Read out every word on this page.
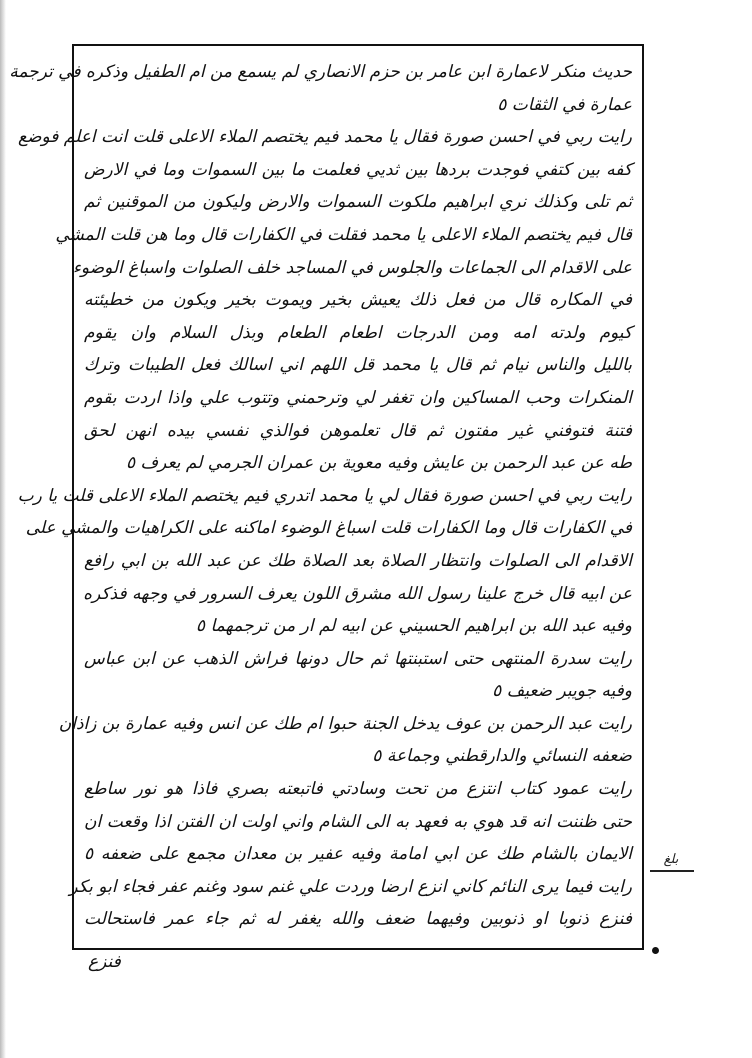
حديث منكر لاعمارة ابن عامر بن حزم الانصاري لم يسمع من ام الطفيل وذكره في ترجمة
عمارة في الثقات ٥
رايت ربي في احسن صورة فقال يا محمد فيم يختصم الملاء الاعلى قلت انت اعلم فوضع
كفه بين كتفي فوجدت بردها بين ثديي فعلمت ما بين السموات وما في الارض
ثم تلى وكذلك نري ابراهيم ملكوت السموات والارض وليكون من الموقنين ثم
قال فيم يختصم الملاء الاعلى يا محمد فقلت في الكفارات قال وما هن قلت المشي
على الاقدام الى الجماعات والجلوس في المساجد خلف الصلوات واسباغ الوضوء
في المكاره قال من فعل ذلك يعيش بخير ويموت بخير ويكون من خطيئته
كيوم ولدته امه ومن الدرجات اطعام الطعام وبذل السلام وان يقوم
بالليل والناس نيام ثم قال يا محمد قل اللهم اني اسالك فعل الطيبات وترك
المنكرات وحب المساكين وان تغفر لي وترحمني وتتوب علي واذا اردت بقوم
فتنة فتوفني غير مفتون ثم قال تعلموهن فوالذي نفسي بيده انهن لحق
طه عن عبد الرحمن بن عايش وفيه معوية بن عمران الجرمي لم يعرف ٥
رايت ربي في احسن صورة فقال لي يا محمد اتدري فيم يختصم الملاء الاعلى قلت يا رب
في الكفارات قال وما الكفارات قلت اسباغ الوضوء اماكنه على الكراهيات والمشي على
الاقدام الى الصلوات وانتظار الصلاة بعد الصلاة طك عن عبد الله بن ابي رافع
عن ابيه قال خرج علينا رسول الله مشرق اللون يعرف السرور في وجهه فذكره
وفيه عبد الله بن ابراهيم الحسيني عن ابيه لم ار من ترجمهما ٥
رايت سدرة المنتهى حتى استبنتها ثم حال دونها فراش الذهب عن ابن عباس
وفيه جويبر ضعيف ٥
رايت عبد الرحمن بن عوف يدخل الجنة حبوا ام طك عن انس وفيه عمارة بن زاذان
ضعفه النسائي والدارقطني وجماعة ٥
رايت عمود كتاب انتزع من تحت وسادتي فاتبعته بصري فاذا هو نور ساطع
حتى ظننت انه قد هوي به فعهد به الى الشام واني اولت ان الفتن اذا وقعت ان
الايمان بالشام طك عن ابي امامة وفيه عفير بن معدان مجمع على ضعفه ٥
رايت فيما يرى النائم كاني انزع ارضا وردت علي غنم سود وغنم عفر فجاء ابو بكر
فنزع ذنوبا او ذنوبين وفيهما ضعف والله يغفر له ثم جاء عمر فاستحالت
بلغ
فنزع
